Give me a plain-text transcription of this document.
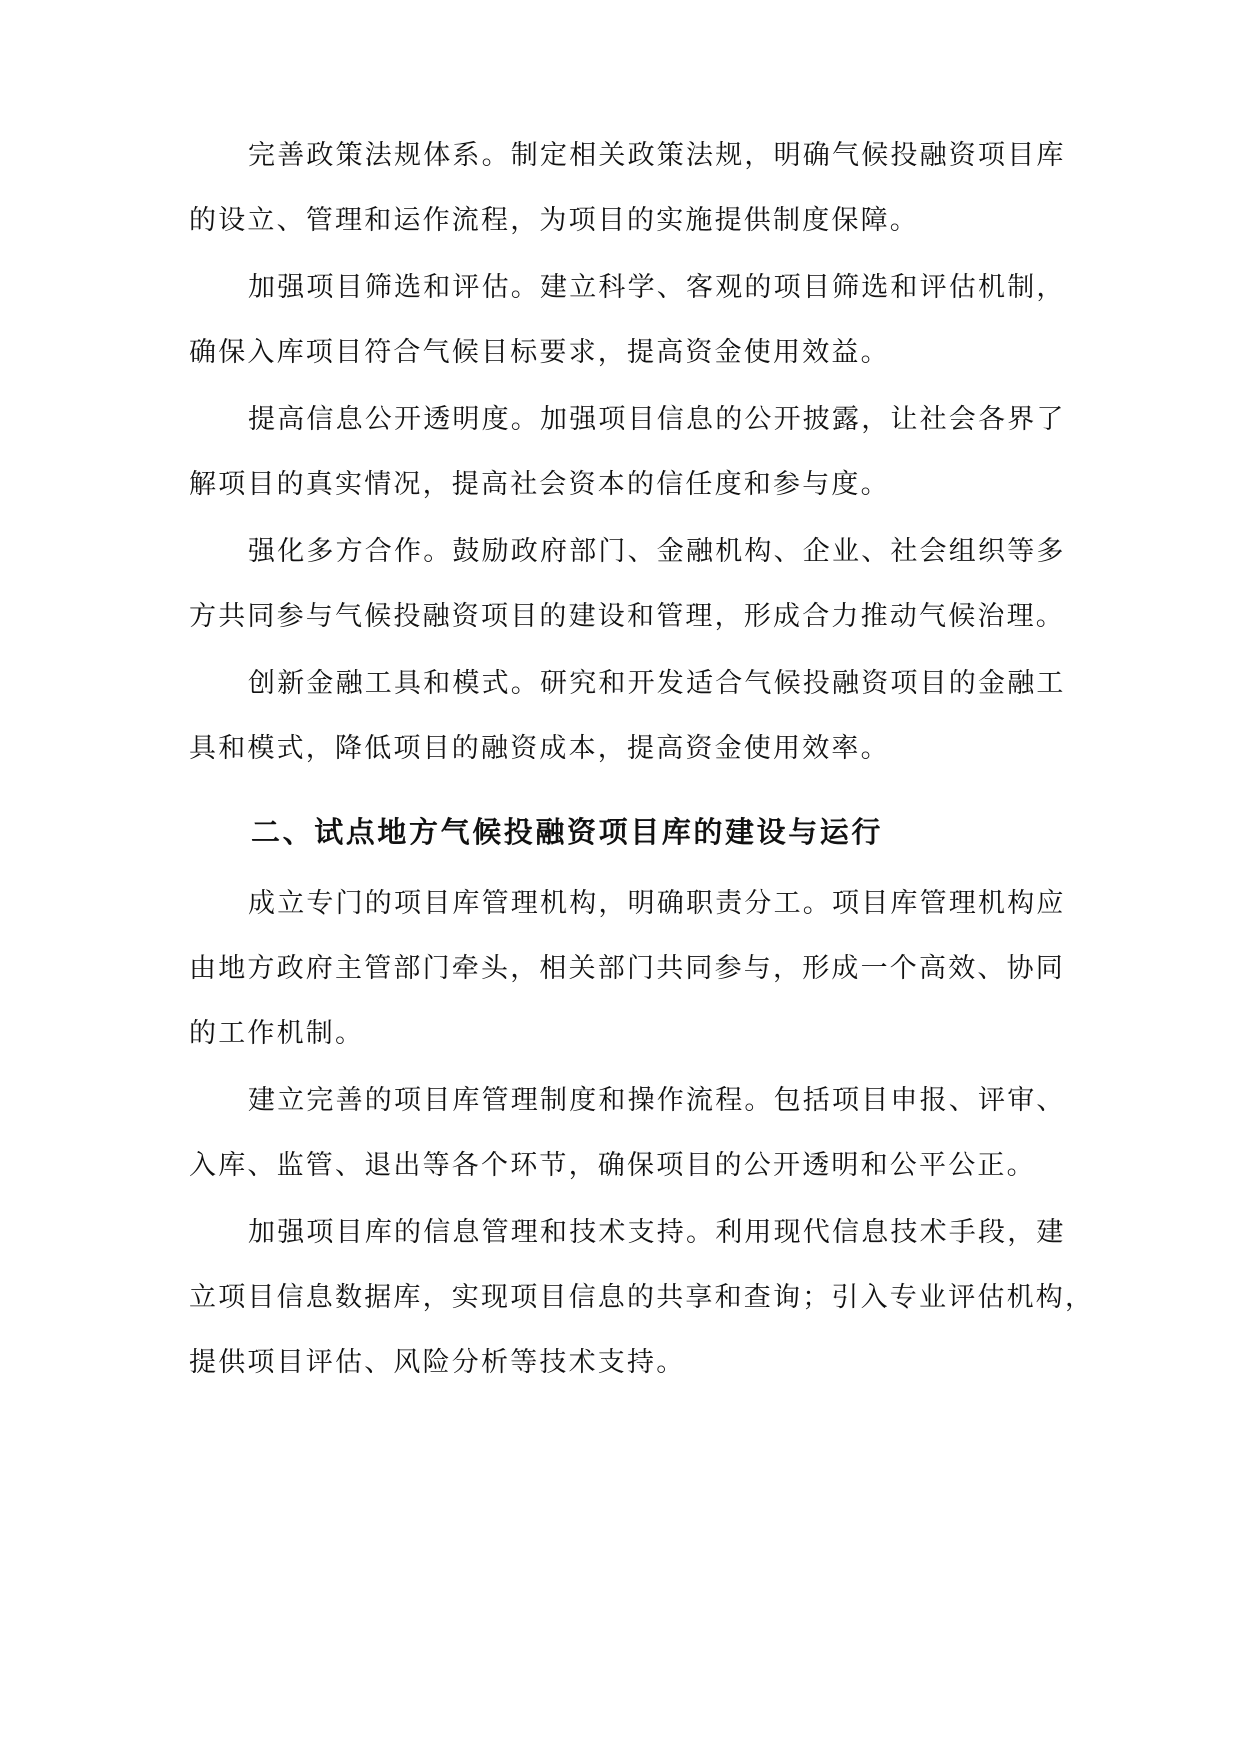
完善政策法规体系。制定相关政策法规，明确气候投融资项目库
的设立、管理和运作流程，为项目的实施提供制度保障。
加强项目筛选和评估。建立科学、客观的项目筛选和评估机制，
确保入库项目符合气候目标要求，提高资金使用效益。
提高信息公开透明度。加强项目信息的公开披露，让社会各界了
解项目的真实情况，提高社会资本的信任度和参与度。
强化多方合作。鼓励政府部门、金融机构、企业、社会组织等多
方共同参与气候投融资项目的建设和管理，形成合力推动气候治理。
创新金融工具和模式。研究和开发适合气候投融资项目的金融工
具和模式，降低项目的融资成本，提高资金使用效率。
二、试点地方气候投融资项目库的建设与运行
成立专门的项目库管理机构，明确职责分工。项目库管理机构应
由地方政府主管部门牵头，相关部门共同参与，形成一个高效、协同
的工作机制。
建立完善的项目库管理制度和操作流程。包括项目申报、评审、
入库、监管、退出等各个环节，确保项目的公开透明和公平公正。
加强项目库的信息管理和技术支持。利用现代信息技术手段，建
立项目信息数据库，实现项目信息的共享和查询；引入专业评估机构，
提供项目评估、风险分析等技术支持。
